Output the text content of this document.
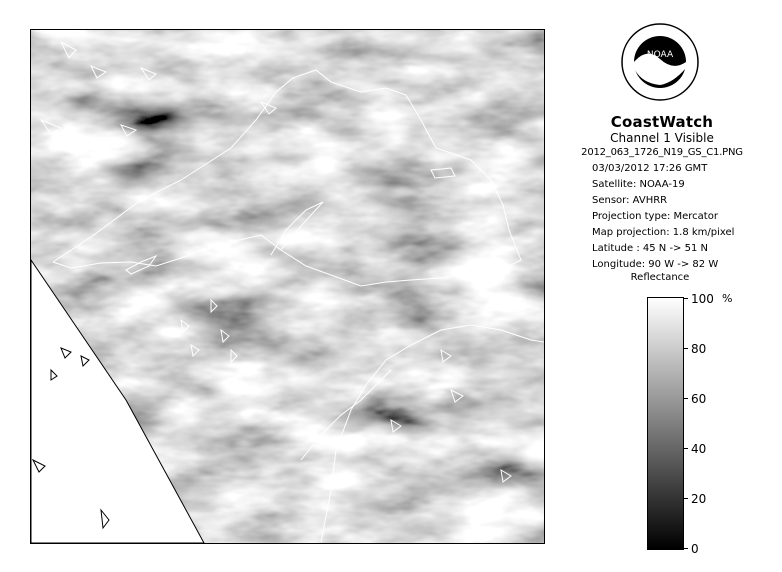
NOAA
CoastWatch
Channel 1 Visible
2012_063_1726_N19_GS_C1.PNG
03/03/2012 17:26 GMT
Satellite: NOAA-19
Sensor: AVHRR
Projection type: Mercator
Map projection: 1.8 km/pixel
Latitude : 45 N -> 51 N
Longitude: 90 W -> 82 W
Reflectance
%
100
80
60
40
20
0
